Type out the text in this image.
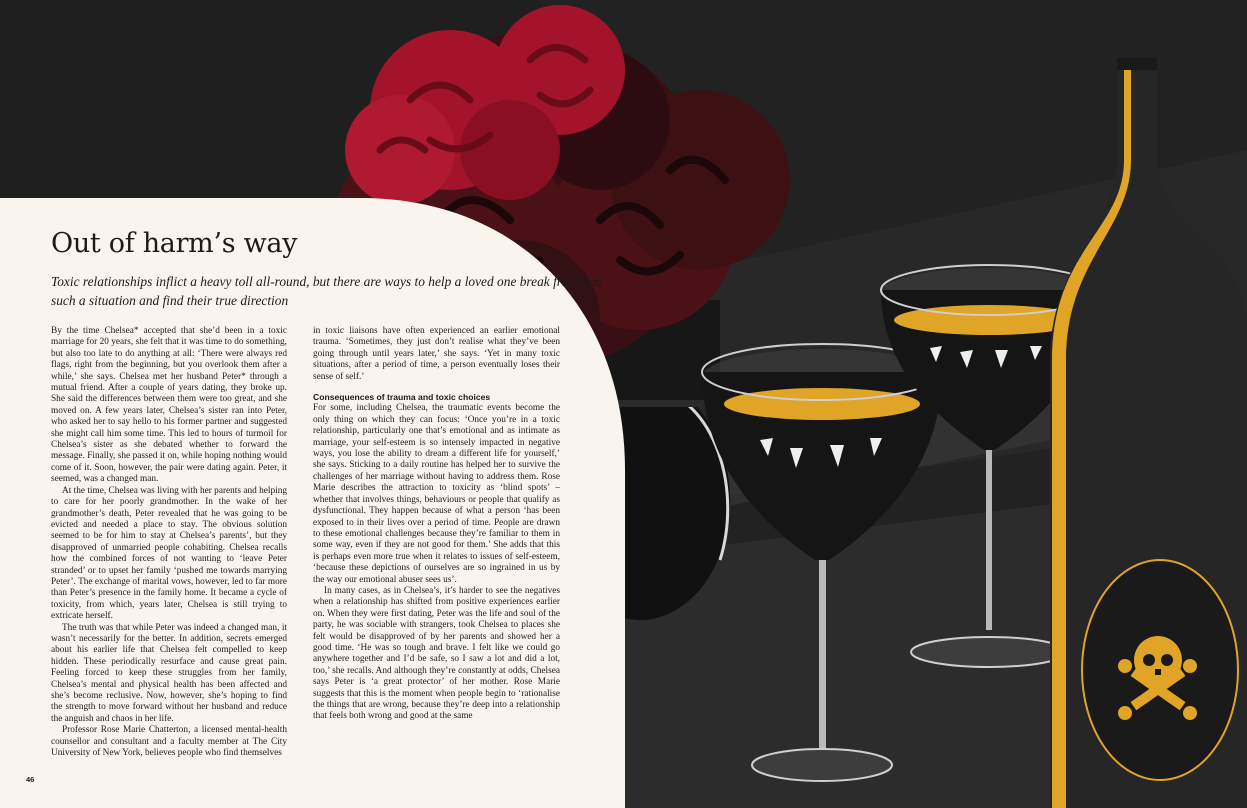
Out of harm’s way

Toxic relationships inflict a heavy toll all-round, but there are ways to help a loved one break free from such a situation and find their true direction

By the time Chelsea* accepted that she’d been in a toxic marriage for 20 years, she felt that it was time to do something, but also too late to do anything at all: ‘There were always red flags, right from the beginning, but you overlook them after a while,’ she says. Chelsea met her husband Peter* through a mutual friend. After a couple of years dating, they broke up. She said the differences between them were too great, and she moved on. A few years later, Chelsea’s sister ran into Peter, who asked her to say hello to his former partner and suggested she might call him some time. This led to hours of turmoil for Chelsea’s sister as she debated whether to forward the message. Finally, she passed it on, while hoping nothing would come of it. Soon, however, the pair were dating again. Peter, it seemed, was a changed man.

At the time, Chelsea was living with her parents and helping to care for her poorly grandmother. In the wake of her grandmother’s death, Peter revealed that he was going to be evicted and needed a place to stay. The obvious solution seemed to be for him to stay at Chelsea’s parents’, but they disapproved of unmarried people cohabiting. Chelsea recalls how the combined forces of not wanting to ‘leave Peter stranded’ or to upset her family ‘pushed me towards marrying Peter’. The exchange of marital vows, however, led to far more than Peter’s presence in the family home. It became a cycle of toxicity, from which, years later, Chelsea is still trying to extricate herself.

The truth was that while Peter was indeed a changed man, it wasn’t necessarily for the better. In addition, secrets emerged about his earlier life that Chelsea felt compelled to keep hidden. These periodically resurface and cause great pain. Feeling forced to keep these struggles from her family, Chelsea’s mental and physical health has been affected and she’s become reclusive. Now, however, she’s hoping to find the strength to move forward without her husband and reduce the anguish and chaos in her life.

Professor Rose Marie Chatterton, a licensed mental-health counsellor and consultant and a faculty member at The City University of New York, believes people who find themselves

in toxic liaisons have often experienced an earlier emotional trauma. ‘Sometimes, they just don’t realise what they’ve been going through until years later,’ she says. ‘Yet in many toxic situations, after a period of time, a person eventually loses their sense of self.’

Consequences of trauma and toxic choices

For some, including Chelsea, the traumatic events become the only thing on which they can focus: ‘Once you’re in a toxic relationship, particularly one that’s emotional and as intimate as marriage, your self-esteem is so intensely impacted in negative ways, you lose the ability to dream a different life for yourself,’ she says. Sticking to a daily routine has helped her to survive the challenges of her marriage without having to address them. Rose Marie describes the attraction to toxicity as ‘blind spots’ – whether that involves things, behaviours or people that qualify as dysfunctional. They happen because of what a person ‘has been exposed to in their lives over a period of time. People are drawn to these emotional challenges because they’re familiar to them in some way, even if they are not good for them.’ She adds that this is perhaps even more true when it relates to issues of self-esteem, ‘because these depictions of ourselves are so ingrained in us by the way our emotional abuser sees us’.

In many cases, as in Chelsea’s, it’s harder to see the negatives when a relationship has shifted from positive experiences earlier on. When they were first dating, Peter was the life and soul of the party, he was sociable with strangers, took Chelsea to places she felt would be disapproved of by her parents and showed her a good time. ‘He was so tough and brave. I felt like we could go anywhere together and I’d be safe, so I saw a lot and did a lot, too,’ she recalls. And although they’re constantly at odds, Chelsea says Peter is ‘a great protector’ of her mother. Rose Marie suggests that this is the moment when people begin to ‘rationalise the things that are wrong, because they’re deep into a relationship that feels both wrong and good at the same

46
